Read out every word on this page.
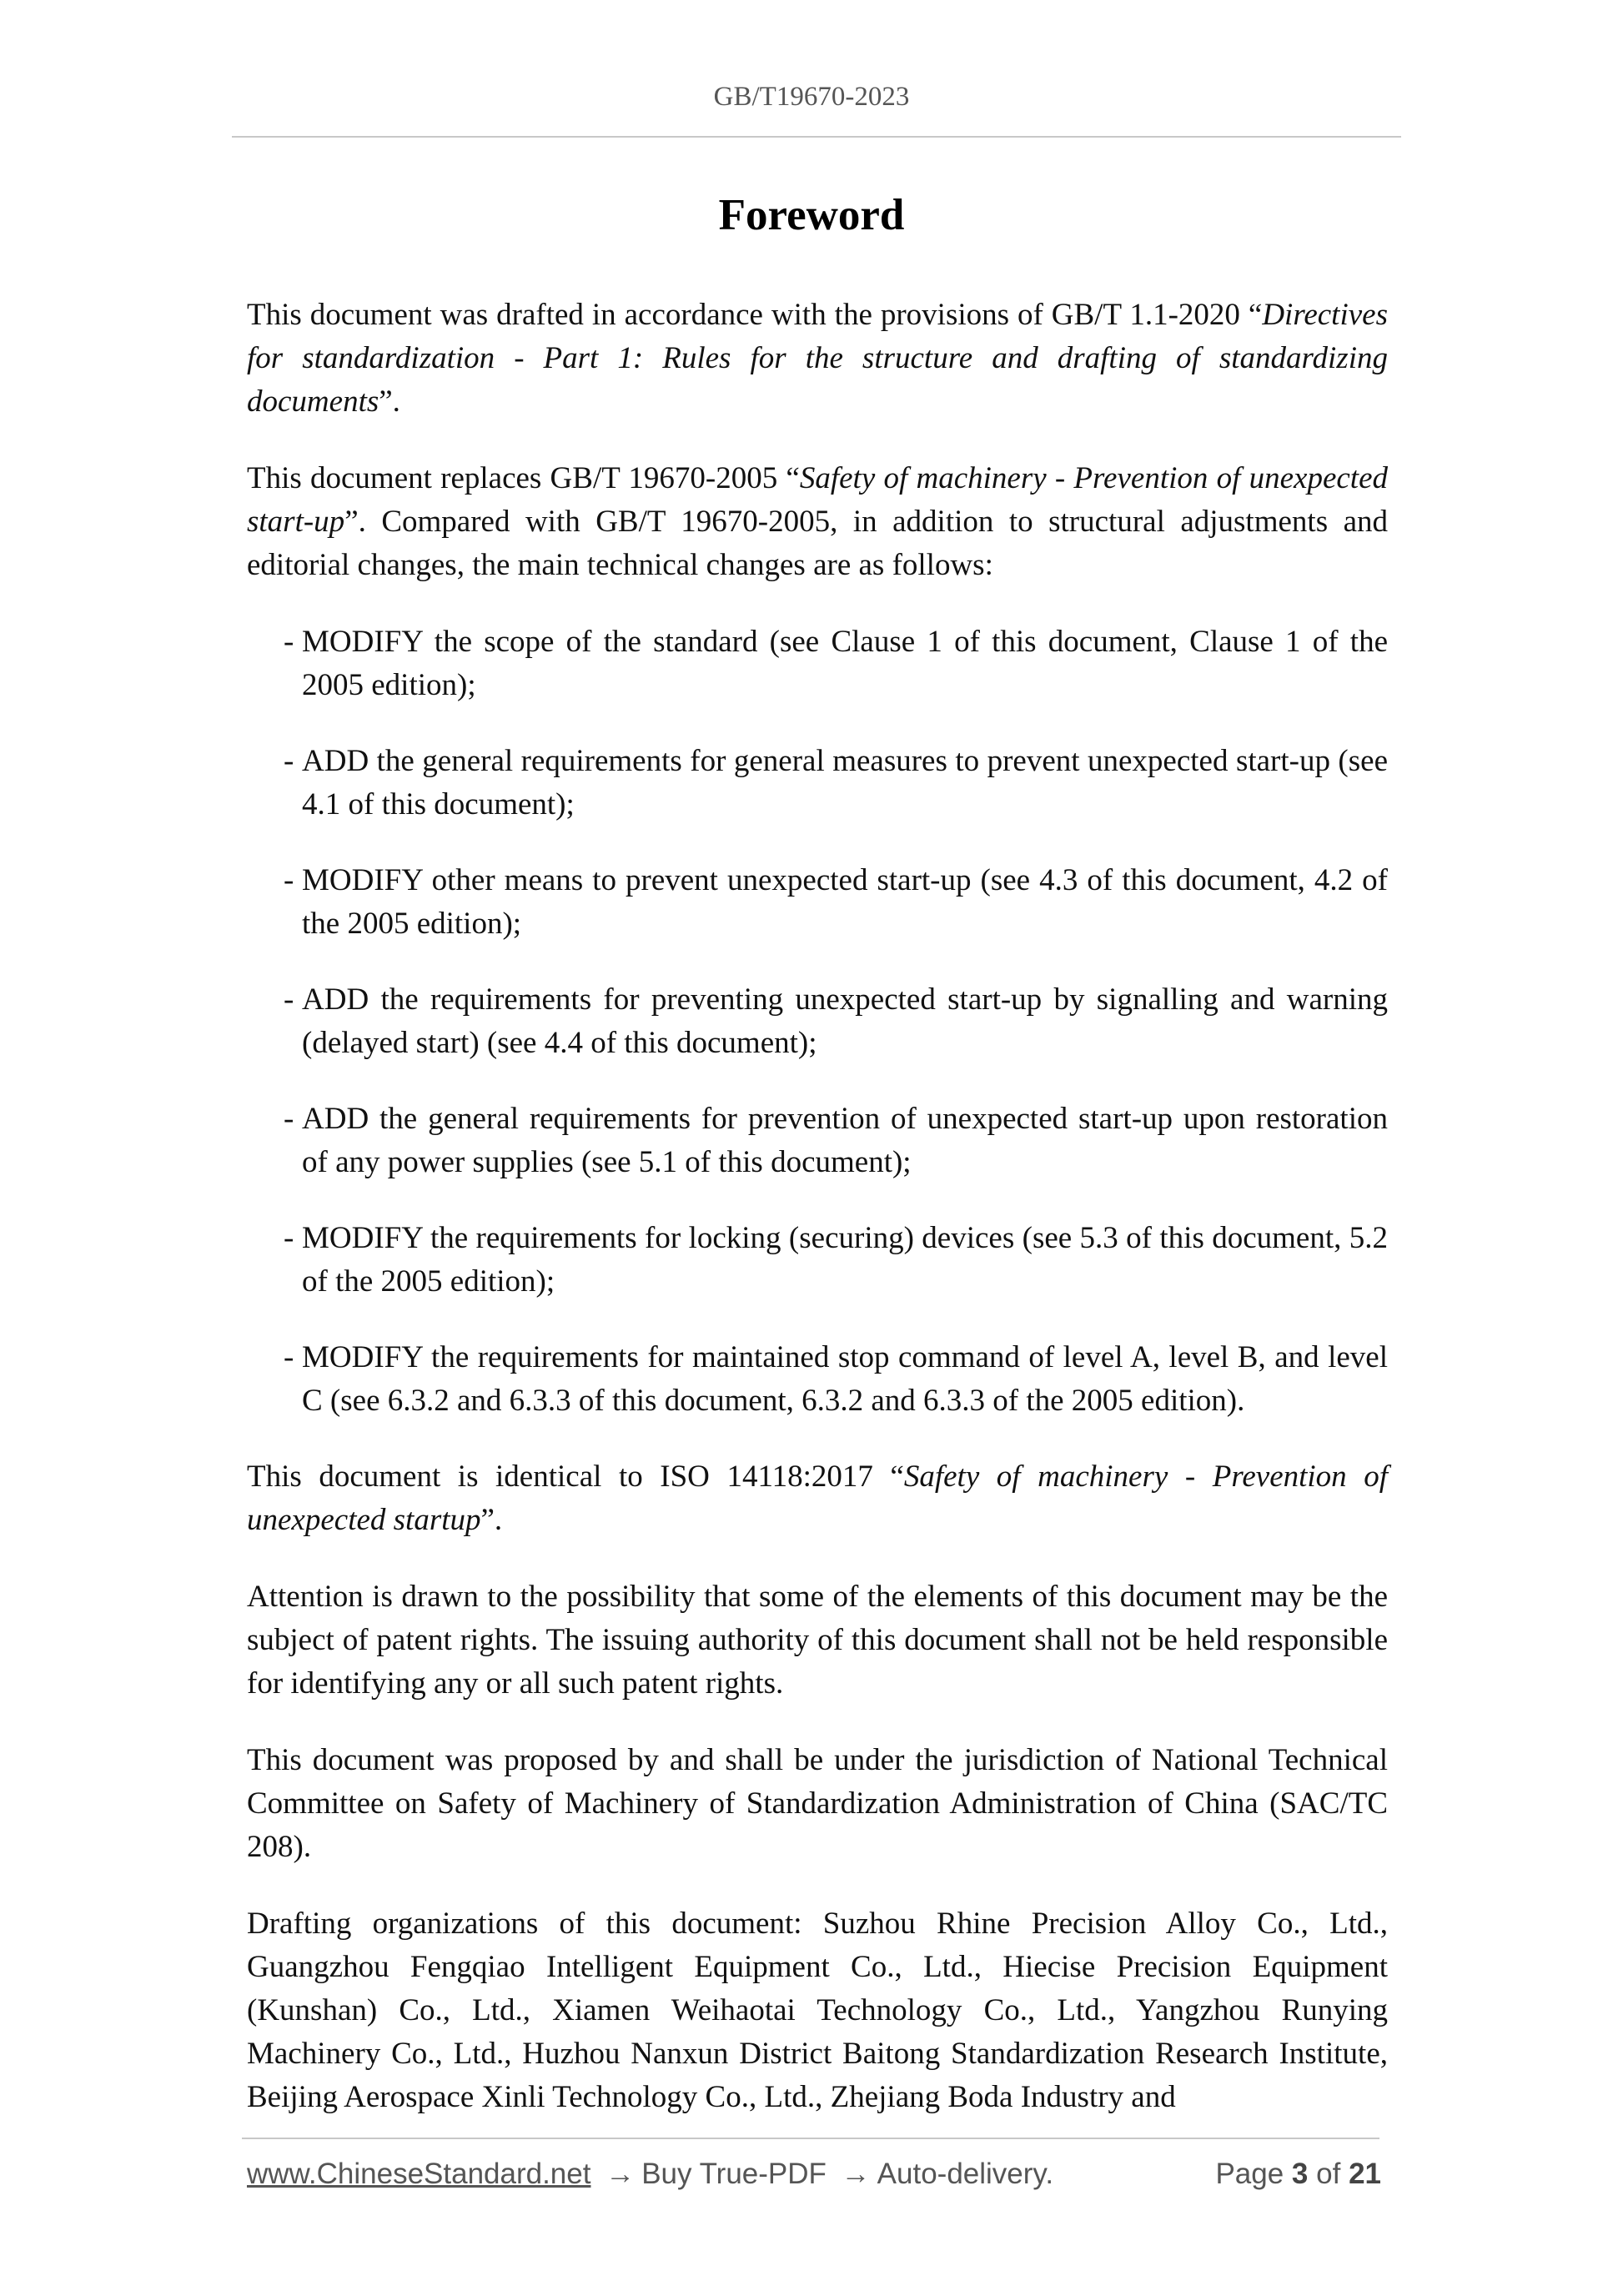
GB/T19670-2023
Foreword

This document was drafted in accordance with the provisions of GB/T 1.1-2020 “Directives for standardization - Part 1: Rules for the structure and drafting of standardizing documents”.

This document replaces GB/T 19670-2005 “Safety of machinery - Prevention of unexpected start-up”. Compared with GB/T 19670-2005, in addition to structural adjustments and editorial changes, the main technical changes are as follows:

- MODIFY the scope of the standard (see Clause 1 of this document, Clause 1 of the 2005 edition);
- ADD the general requirements for general measures to prevent unexpected start-up (see 4.1 of this document);
- MODIFY other means to prevent unexpected start-up (see 4.3 of this document, 4.2 of the 2005 edition);
- ADD the requirements for preventing unexpected start-up by signalling and warning (delayed start) (see 4.4 of this document);
- ADD the general requirements for prevention of unexpected start-up upon restoration of any power supplies (see 5.1 of this document);
- MODIFY the requirements for locking (securing) devices (see 5.3 of this document, 5.2 of the 2005 edition);
- MODIFY the requirements for maintained stop command of level A, level B, and level C (see 6.3.2 and 6.3.3 of this document, 6.3.2 and 6.3.3 of the 2005 edition).

This document is identical to ISO 14118:2017 “Safety of machinery - Prevention of unexpected startup”.

Attention is drawn to the possibility that some of the elements of this document may be the subject of patent rights. The issuing authority of this document shall not be held responsible for identifying any or all such patent rights.

This document was proposed by and shall be under the jurisdiction of National Technical Committee on Safety of Machinery of Standardization Administration of China (SAC/TC 208).

Drafting organizations of this document: Suzhou Rhine Precision Alloy Co., Ltd., Guangzhou Fengqiao Intelligent Equipment Co., Ltd., Hiecise Precision Equipment (Kunshan) Co., Ltd., Xiamen Weihaotai Technology Co., Ltd., Yangzhou Runying Machinery Co., Ltd., Huzhou Nanxun District Baitong Standardization Research Institute, Beijing Aerospace Xinli Technology Co., Ltd., Zhejiang Boda Industry and

www.ChineseStandard.net → Buy True-PDF → Auto-delivery.	Page 3 of 21
